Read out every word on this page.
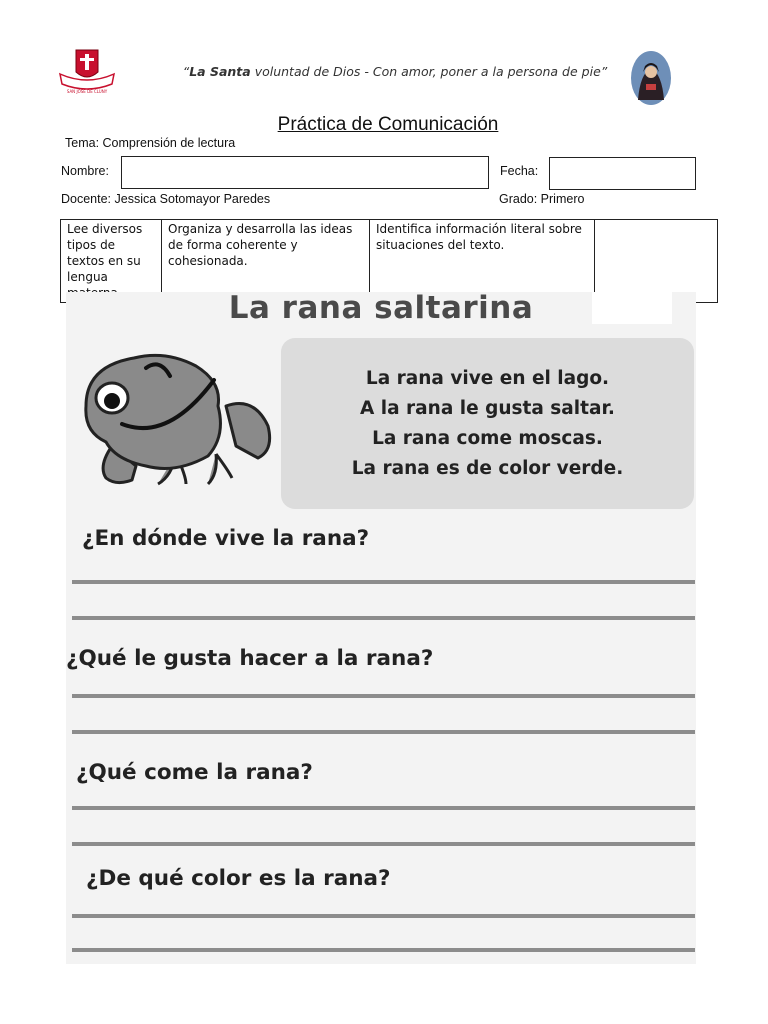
SAN JOSÉ DE CLUNY
“La Santa voluntad de Dios - Con amor, poner a la persona de pie”
Práctica de Comunicación
Tema: Comprensión de lectura
Nombre:	Fecha:
Docente: Jessica Sotomayor Paredes	Grado: Primero
Lee diversos tipos de textos en su lengua	Organiza y desarrolla las ideas de forma coherente y cohesionada.	Identifica información literal sobre situaciones del texto.	
La rana saltarina
La rana vive en el lago.
A la rana le gusta saltar.
La rana come moscas.
La rana es de color verde.
¿En dónde vive la rana?
¿Qué le gusta hacer a la rana?
¿Qué come la rana?
¿De qué color es la rana?
